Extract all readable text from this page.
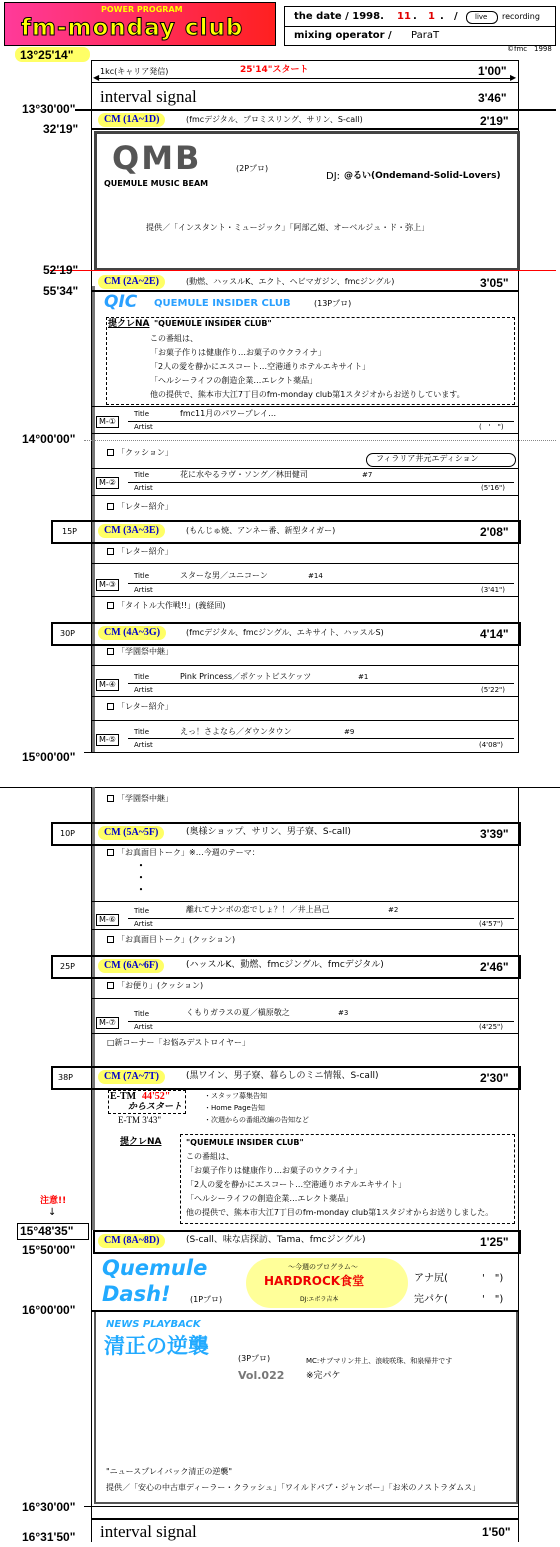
POWER PROGRAM
fm-monday club	the date / 1998. 11 . 1 . / live recording
mixing operator / ParaT
©fmc 1998
13°25'14"
1kc(キャリア発信)
◀	▶
25'14"スタート	1'00"
interval signal	3'46"
13°30'00"
CM (1A~1D)	(fmcデジタル、プロミスリング、サリン、S-call)	2'19"
32'19"
QMB
QUEMULE MUSIC BEAM
(2Pプロ)
DJ: @るい(Ondemand-Solid-Lovers)
提供／「インスタント・ミュージック」「阿部乙姫、オーベルジュ・ド・弥上」
52'19"
CM (2A~2E)	(動燃、ハッスルK、エクト、ヘビマガジン、fmcジングル)	3'05"
55'34"
QIC QUEMULE INSIDER CLUB	(13Pプロ)
提クレNA "QUEMULE INSIDER CLUB"
この番組は、
「お菓子作りは健康作り…お菓子のウクライナ」
「2人の愛を静かにエスコート…空港通りホテルエキサイト」
「ヘルシーライフの創造企業…エレクト薬品」
他の提供で、熊本市大江7丁目のfm-monday club第1スタジオからお送りしています。
M-①
Title	fmc11月のパワープレイ…
Artist	(　'　")
14°00'00"
「クッション」
フィラリア井元エディション
M-②
Title	花に水やるラヴ・ソング／林田健司	#7
Artist	(5'16")
「レター紹介」
15P	CM (3A~3E)	(もんじゅ焼、アンネー番、新型タイガー)	2'08"
「レター紹介」
M-③
Title	スターな男／ユニコーン	#14
Artist	(3'41")
「タイトル大作戦!!」(義経回)
30P	CM (4A~3G)	(fmcデジタル、fmcジングル、エキサイト、ハッスルS)	4'14"
「学園祭中継」
M-④
Title	Pink Princess／ポケットビスケッツ	#1
Artist	(5'22")
「レター紹介」
M-⑤
Title	えっ！さよなら／ダウンタウン	#9
Artist	(4'08")
15°00'00"
「学園祭中継」
10P	CM (5A~5F)	(奥様ショップ、サリン、男子寮、S-call)	3'39"
「お真面目トーク」※…今週のテーマ：
・
・
・
M-⑥
Title	離れてナンボの恋でしょ？！／井上昌己	#2
Artist	(4'57")
「お真面目トーク」(クッション)
25P	CM (6A~6F)	(ハッスルK、動燃、fmcジングル、fmcデジタル)	2'46"
「お便り」(クッション)
M-⑦
Title	くもりガラスの夏／槇原敬之	#3
Artist	(4'25")
□新コーナー「お悩みデストロイヤー」
38P	CM (7A~7T)	(黒ワイン、男子寮、暮らしのミニ情報、S-call)	2'30"
E-TM 44'52"
からスタート
E-TM 3'43"
・スタッフ募集告知
・Home Page告知
・次週からの番組改編の告知など
提クレNA	"QUEMULE INSIDER CLUB"
この番組は、
「お菓子作りは健康作り…お菓子のウクライナ」
「2人の愛を静かにエスコート…空港通りホテルエキサイト」
「ヘルシーライフの創造企業…エレクト薬品」
他の提供で、熊本市大江7丁目のfm-monday club第1スタジオからお送りしました。
注意!!
↓
15°48'35"
CM (8A~8D)	(S-call、味な店探訪、Tama、fmcジングル)	1'25"
15°50'00"
Quemule
Dash! (1Pプロ)
〜今週のプログラム〜
HARDROCK食堂
DJ:エボラ吉本
アナ尻(	'　")
完パケ(	'　")
16°00'00"
NEWS PLAYBACK
清正の逆襲
(3Pプロ)
Vol.022
MC:サブマリン井上、浪岐咲珠、和泉帰井です
※完パケ
"ニュースプレイバック清正の逆襲"
提供／「安心の中古車ディーラー・クラッシュ」「ワイルドパブ・ジャンボー」「お米のノストラダムス」
16°30'00"
16°31'50" interval signal	1'50"
